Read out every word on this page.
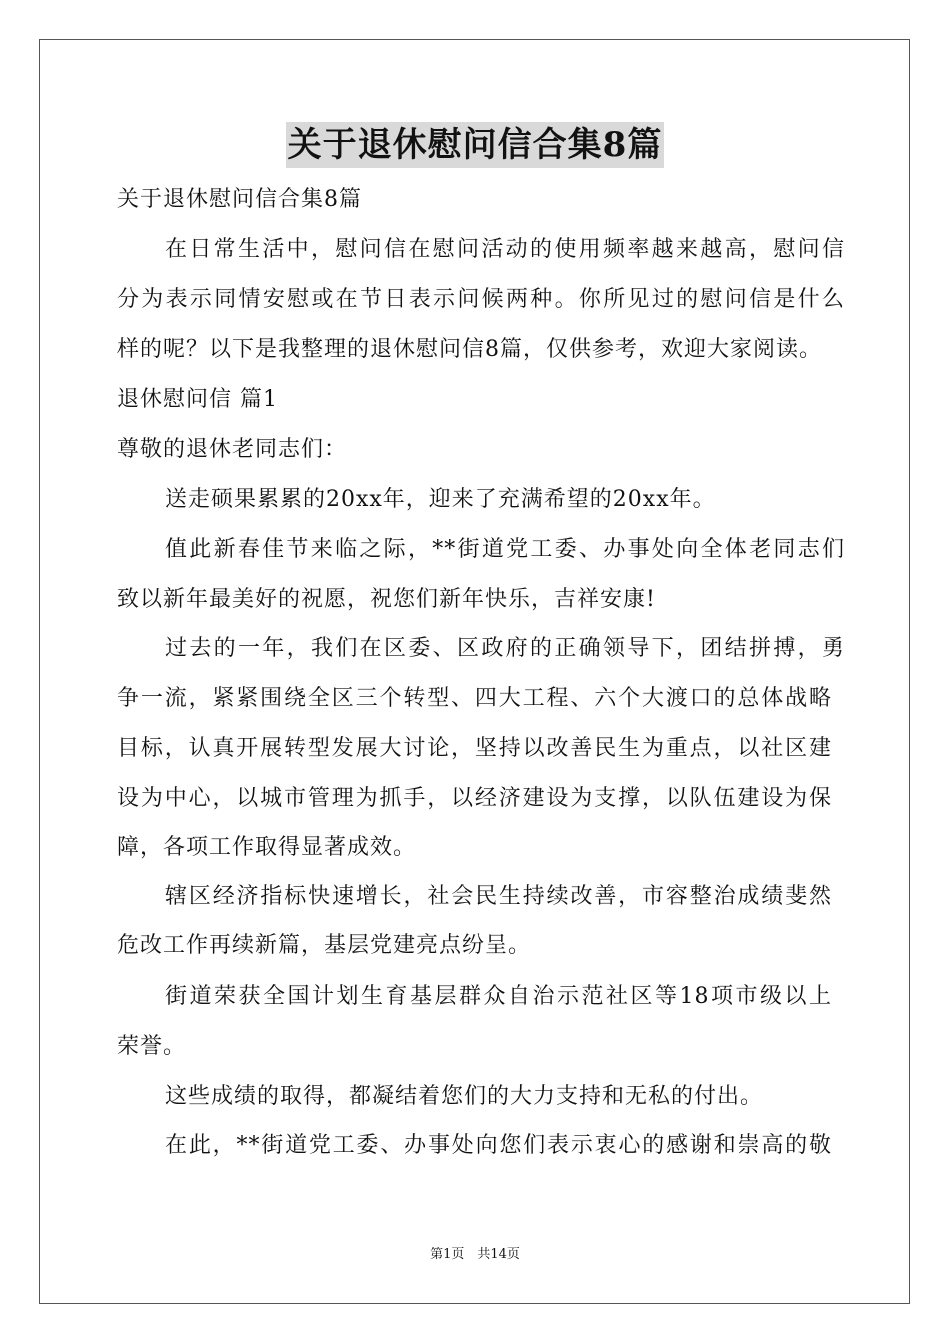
关于退休慰问信合集8篇
关于退休慰问信合集8篇
在日常生活中，慰问信在慰问活动的使用频率越来越高，慰问信
分为表示同情安慰或在节日表示问候两种。你所见过的慰问信是什么
样的呢？以下是我整理的退休慰问信8篇，仅供参考，欢迎大家阅读。
退休慰问信 篇1
尊敬的退休老同志们：
送走硕果累累的20xx年，迎来了充满希望的20xx年。
值此新春佳节来临之际，**街道党工委、办事处向全体老同志们
致以新年最美好的祝愿，祝您们新年快乐，吉祥安康!
过去的一年，我们在区委、区政府的正确领导下，团结拼搏，勇
争一流，紧紧围绕全区三个转型、四大工程、六个大渡口的总体战略
目标，认真开展转型发展大讨论，坚持以改善民生为重点，以社区建
设为中心，以城市管理为抓手，以经济建设为支撑，以队伍建设为保
障，各项工作取得显著成效。
辖区经济指标快速增长，社会民生持续改善，市容整治成绩斐然
危改工作再续新篇，基层党建亮点纷呈。
街道荣获全国计划生育基层群众自治示范社区等18项市级以上
荣誉。
这些成绩的取得，都凝结着您们的大力支持和无私的付出。
在此，**街道党工委、办事处向您们表示衷心的感谢和崇高的敬
第1页　共14页
